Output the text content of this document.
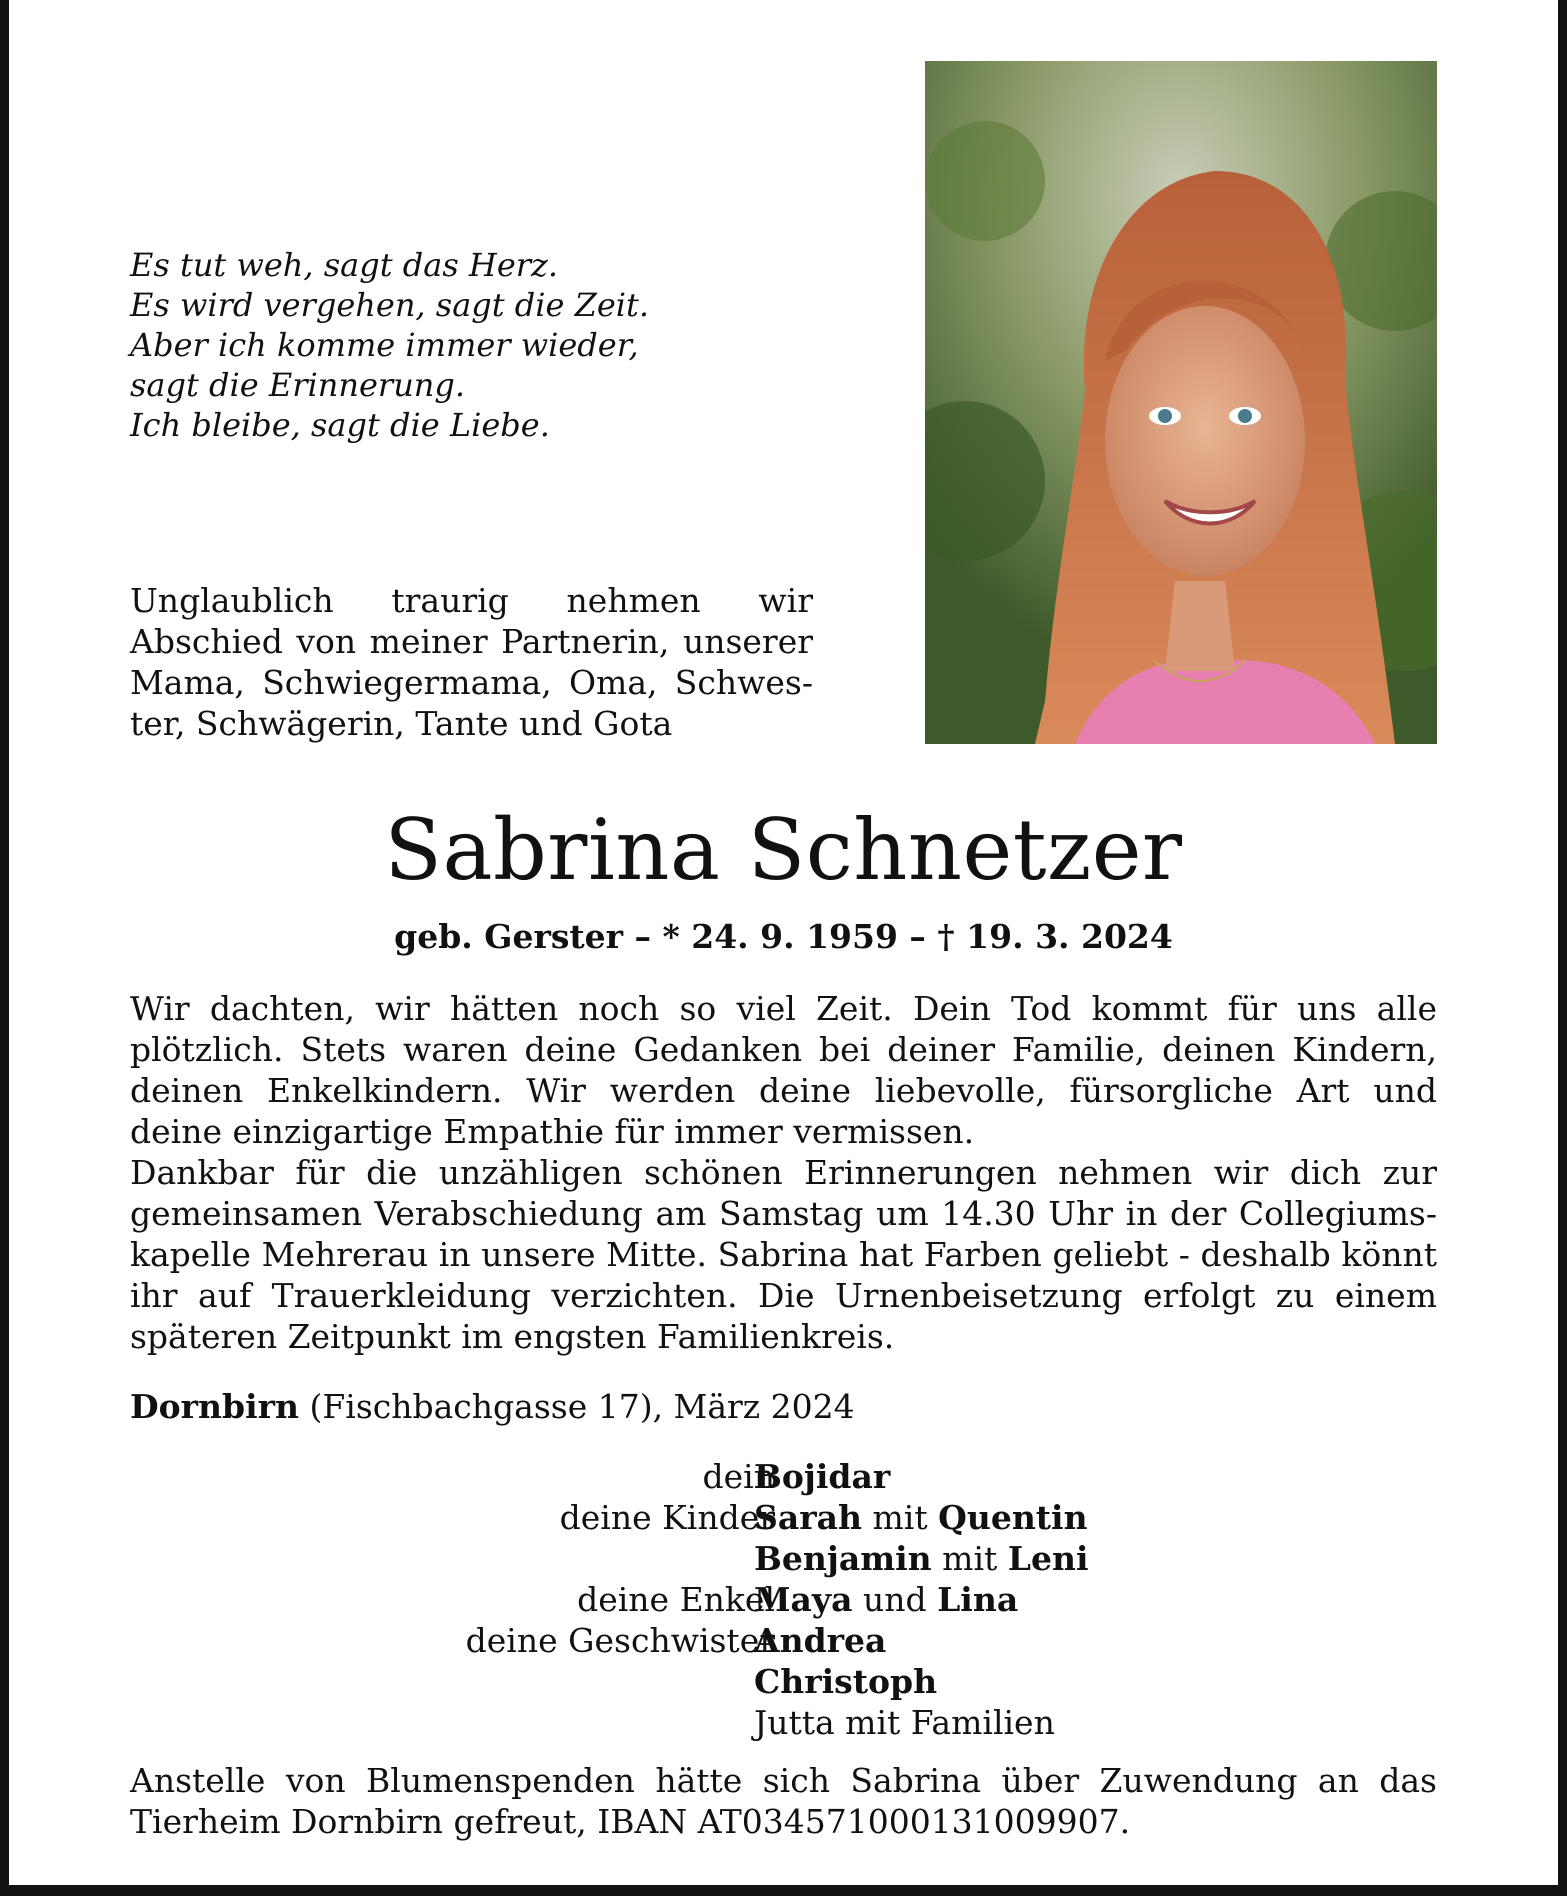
Es tut weh, sagt das Herz.
Es wird vergehen, sagt die Zeit.
Aber ich komme immer wieder,
sagt die Erinnerung.
Ich bleibe, sagt die Liebe.
Unglaublich traurig nehmen wir
Abschied von meiner Partnerin, unserer
Mama, Schwiegermama, Oma, Schwes-
ter, Schwägerin, Tante und Gota
Sabrina Schnetzer
geb. Gerster – * 24. 9. 1959 – † 19. 3. 2024
Wir dachten, wir hätten noch so viel Zeit. Dein Tod kommt für uns alle
plötzlich. Stets waren deine Gedanken bei deiner Familie, deinen Kindern,
deinen Enkelkindern. Wir werden deine liebevolle, fürsorgliche Art und
deine einzigartige Empathie für immer vermissen.
Dankbar für die unzähligen schönen Erinnerungen nehmen wir dich zur
gemeinsamen Verabschiedung am Samstag um 14.30 Uhr in der Collegiums-
kapelle Mehrerau in unsere Mitte. Sabrina hat Farben geliebt - deshalb könnt
ihr auf Trauerkleidung verzichten. Die Urnenbeisetzung erfolgt zu einem
späteren Zeitpunkt im engsten Familienkreis.
Dornbirn (Fischbachgasse 17), März 2024
dein
Bojidar
deine Kinder
Sarah mit Quentin
Benjamin mit Leni
deine Enkel
Maya und Lina
deine Geschwister
Andrea
Christoph
Jutta mit Familien
Anstelle von Blumenspenden hätte sich Sabrina über Zuwendung an das
Tierheim Dornbirn gefreut, IBAN AT034571000131009907.
